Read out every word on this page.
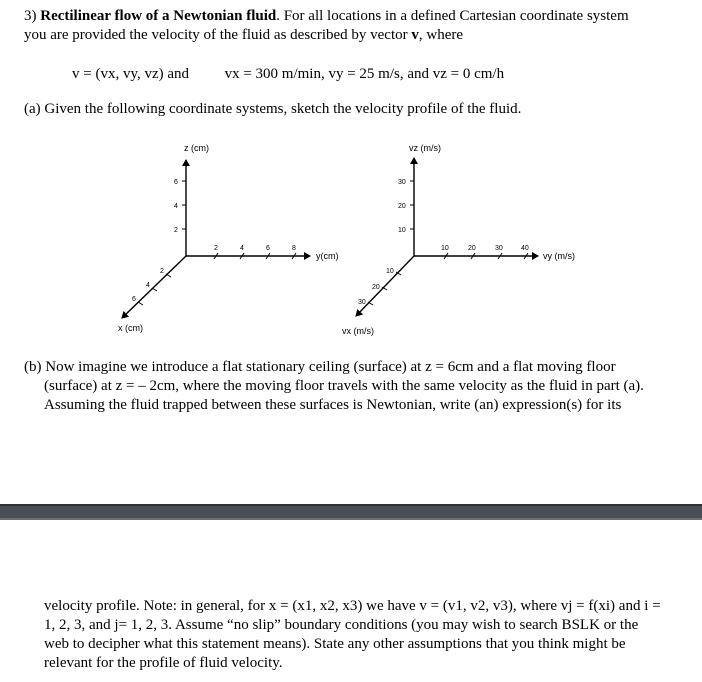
3) Rectilinear flow of a Newtonian fluid. For all locations in a defined Cartesian coordinate system
you are provided the velocity of the fluid as described by vector v, where
v = (vx, vy, vz) and vx = 300 m/min, vy = 25 m/s, and vz = 0 cm/h
(a) Given the following coordinate systems, sketch the velocity profile of the fluid.
z (cm)
y(cm)
x (cm)
6
4
2
2	4	6	8
2
4
6
vz (m/s)
vy (m/s)
vx (m/s)
30
20
10
10	20	30	40
10
20
30
(b) Now imagine we introduce a flat stationary ceiling (surface) at z = 6cm and a flat moving floor
(surface) at z = – 2cm, where the moving floor travels with the same velocity as the fluid in part (a).
Assuming the fluid trapped between these surfaces is Newtonian, write (an) expression(s) for its
velocity profile. Note: in general, for x = (x1, x2, x3) we have v = (v1, v2, v3), where vj = f(xi) and i =
1, 2, 3, and j= 1, 2, 3. Assume “no slip” boundary conditions (you may wish to search BSLK or the
web to decipher what this statement means). State any other assumptions that you think might be
relevant for the profile of fluid velocity.
